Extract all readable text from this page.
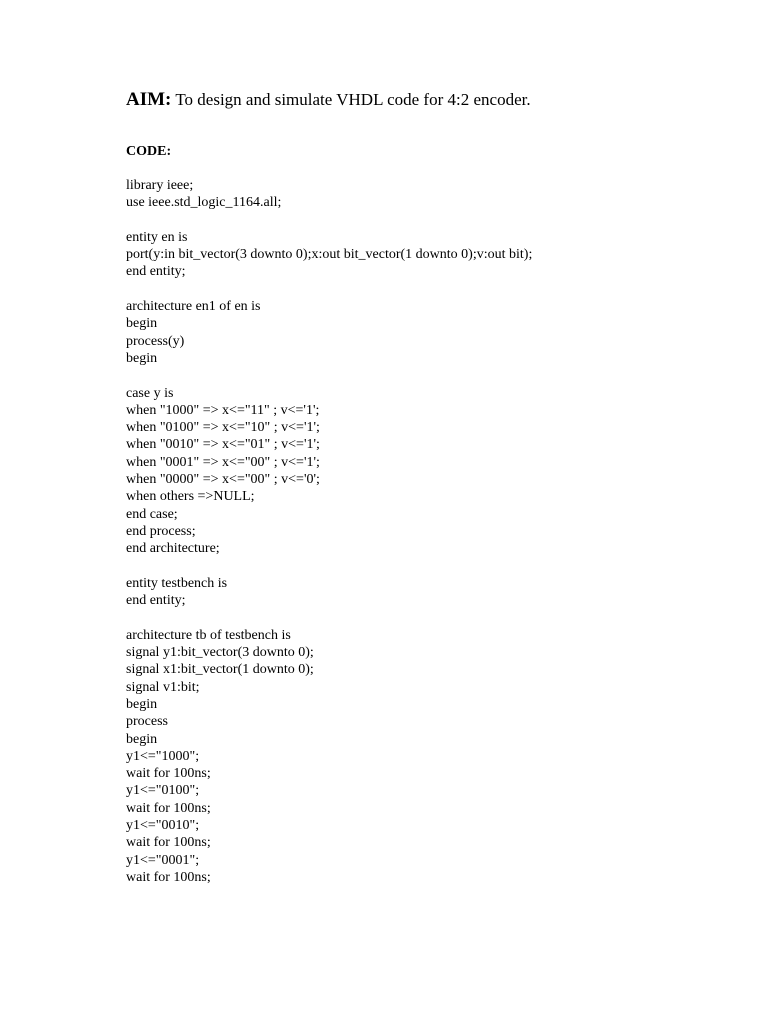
AIM: To design and simulate VHDL code for 4:2 encoder.
CODE:
library ieee;
use ieee.std_logic_1164.all;
entity en is
port(y:in bit_vector(3 downto 0);x:out bit_vector(1 downto 0);v:out bit);
end entity;
architecture en1 of en is
begin
process(y)
begin
case y is
when "1000" => x<="11" ; v<='1';
when "0100" => x<="10" ; v<='1';
when "0010" => x<="01" ; v<='1';
when "0001" => x<="00" ; v<='1';
when "0000" => x<="00" ; v<='0';
when others =>NULL;
end case;
end process;
end architecture;
entity testbench is
end entity;
architecture tb of testbench is
signal y1:bit_vector(3 downto 0);
signal x1:bit_vector(1 downto 0);
signal v1:bit;
begin
process
begin
y1<="1000";
wait for 100ns;
y1<="0100";
wait for 100ns;
y1<="0010";
wait for 100ns;
y1<="0001";
wait for 100ns;
